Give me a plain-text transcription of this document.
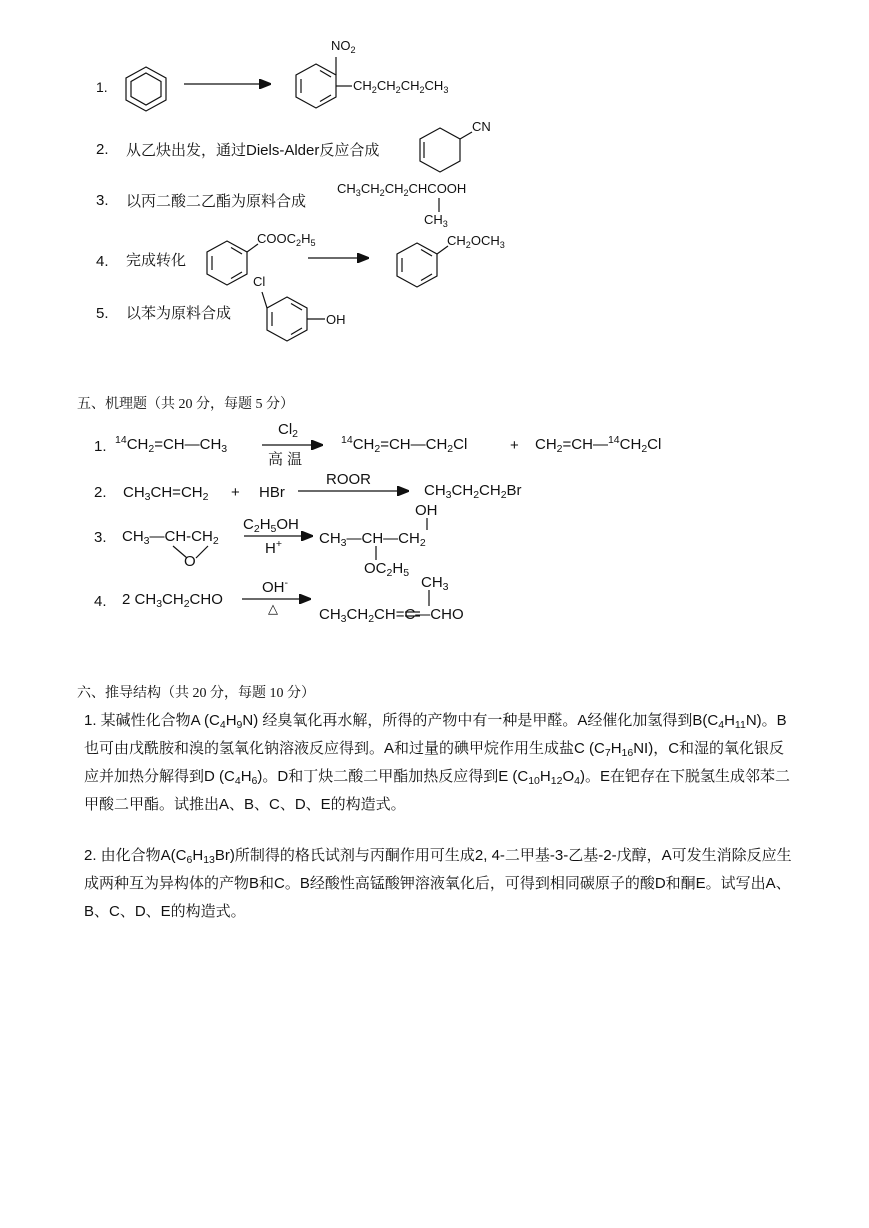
1.
$NO_2$
$CH_2CH_2CH_2CH_3$
2. 从乙炔出发，通过Diels-Alder反应合成
CN
3. 以丙二酸二乙酯为原料合成
$CH_3CH_2CH_2CHCOOH$
$CH_3$
4. 完成转化
$COOC_2H_5$	$CH_2OCH_3$
5. 以苯为原料合成
Cl
OH
五、机理题（共 20 分，每题 5 分）
1. $^{14}CH_2=CH—CH_3$
$Cl_2$
高 温
$^{14}CH_2=CH—CH_2Cl$	+ $CH_2=CH—^{14}CH_2Cl$
2. $CH_3CH=CH_2$ + HBr
ROOR
$CH_3CH_2CH_2Br$
3. $CH_3—CH-CH_2$
O
$C_2H_5OH$
H+ $CH_3—CH—CH_2$
OH
$OC_2H_5$
4. 2 $CH_3CH_2CHO$
OH-
△
$CH_3$
$CH_3CH_2CH=C—CHO$
六、推导结构（共 20 分，每题 10 分）
1. 某碱性化合物A $(C_4H_9N)$ 经臭氧化再水解，所得的产物中有一种是甲醛。A经催化加氢得到$B(C_4H_{11}N)$。B也可由戊酰胺和溴的氢氧化钠溶液反应得到。A和过量的碘甲烷作用生成盐C $(C_7H_{16}NI)$，C和湿的氧化银反应并加热分解得到D $(C_4H_6)$。D和丁炔二酸二甲酯加热反应得到E $(C_{10}H_{12}O_4)$。E在钯存在下脱氢生成邻苯二甲酸二甲酯。试推出A、B、C、D、E的构造式。
2. 由化合物$A(C_6H_{13}Br)$所制得的格氏试剂与丙酮作用可生成2, 4-二甲基-3-乙基-2-戊醇，A可发生消除反应生成两种互为异构体的产物B和C。B经酸性高锰酸钾溶液氧化后，可得到相同碳原子的酸D和酮E。试写出A、B、C、D、E的构造式。
